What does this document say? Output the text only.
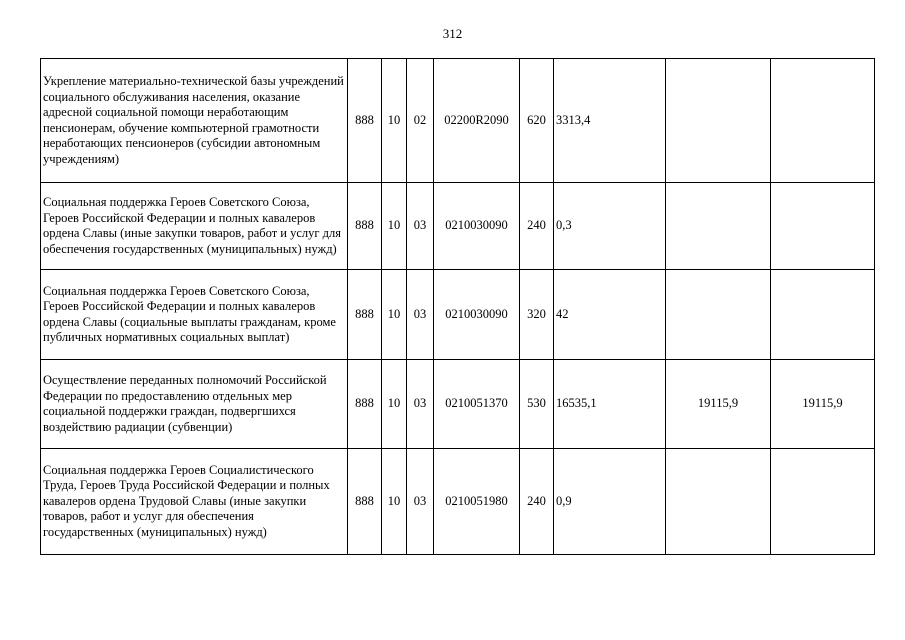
312
Укрепление материально-технической базы учреждений социального обслуживания населения, оказание адресной социальной помощи неработающим пенсионерам, обучение компьютерной грамотности неработающих пенсионеров (субсидии автономным учреждениям)	888	10	02	02200R2090	620	3313,4		
Социальная поддержка Героев Советского Союза, Героев Российской Федерации и полных кавалеров ордена Славы (иные закупки товаров, работ и услуг для обеспечения государственных (муниципальных) нужд)	888	10	03	0210030090	240	0,3		
Социальная поддержка Героев Советского Союза, Героев Российской Федерации и полных кавалеров ордена Славы (социальные выплаты гражданам, кроме публичных нормативных социальных выплат)	888	10	03	0210030090	320	42		
Осуществление переданных полномочий Российской Федерации по предоставлению отдельных мер социальной поддержки граждан, подвергшихся воздействию радиации (субвенции)	888	10	03	0210051370	530	16535,1	19115,9	19115,9
Социальная поддержка Героев Социалистического Труда, Героев Труда Российской Федерации и полных кавалеров ордена Трудовой Славы (иные закупки товаров, работ и услуг для обеспечения государственных (муниципальных) нужд)	888	10	03	0210051980	240	0,9		
